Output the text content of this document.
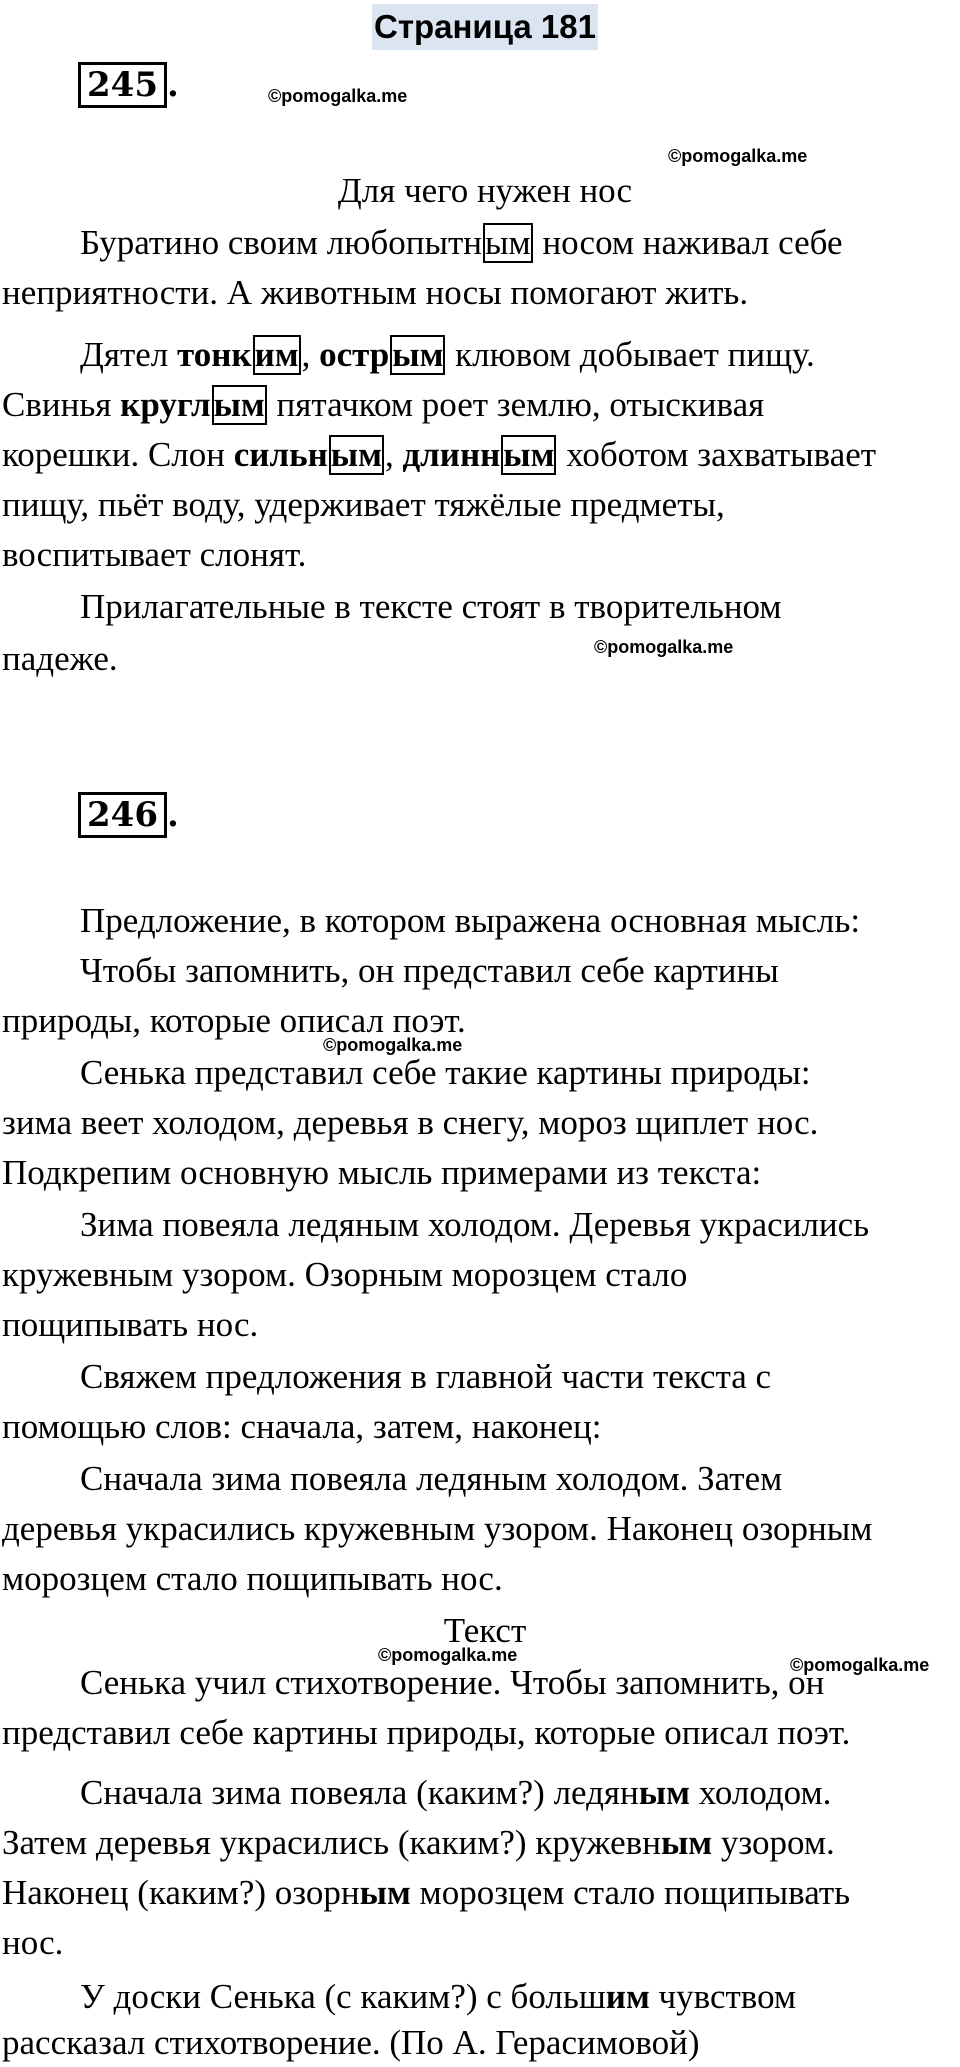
Страница 181
245 .	©pomogalka.me
©pomogalka.me
Для чего нужен нос
Буратино своим любопытным носом наживал себе
неприятности. А животным носы помогают жить.
Дятел тонким, острым клювом добывает пищу.
Свинья круглым пятачком роет землю, отыскивая
корешки. Слон сильным, длинным хоботом захватывает
пищу, пьёт воду, удерживает тяжёлые предметы,
воспитывает слонят.
Прилагательные в тексте стоят в творительном
падеже.	©pomogalka.me
246 .
Предложение, в котором выражена основная мысль:
Чтобы запомнить, он представил себе картины
природы, которые описал поэт.
©pomogalka.me
Сенька представил себе такие картины природы:
зима веет холодом, деревья в снегу, мороз щиплет нос.
Подкрепим основную мысль примерами из текста:
Зима повеяла ледяным холодом. Деревья украсились
кружевным узором. Озорным морозцем стало
пощипывать нос.
Свяжем предложения в главной части текста с
помощью слов: сначала, затем, наконец:
Сначала зима повеяла ледяным холодом. Затем
деревья украсились кружевным узором. Наконец озорным
морозцем стало пощипывать нос.
Текст
©pomogalka.me	©pomogalka.me
Сенька учил стихотворение. Чтобы запомнить, он
представил себе картины природы, которые описал поэт.
Сначала зима повеяла (каким?) ледяным холодом.
Затем деревья украсились (каким?) кружевным узором.
Наконец (каким?) озорным морозцем стало пощипывать
нос.
У доски Сенька (с каким?) с большим чувством
рассказал стихотворение. (По А. Герасимовой)
